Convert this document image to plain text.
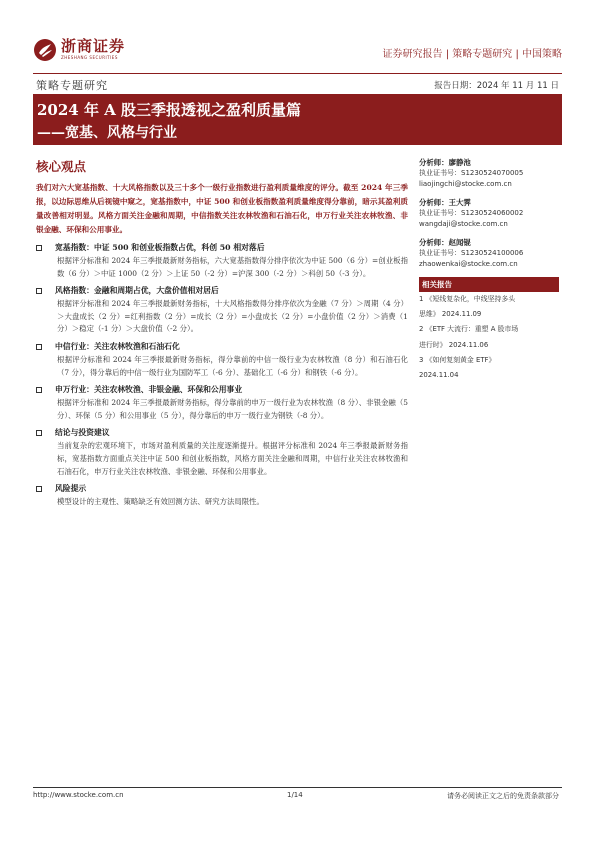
浙商证券
ZHESHANG SECURITIES	证券研究报告 | 策略专题研究 | 中国策略
策略专题研究	报告日期：2024 年 11 月 11 日
2024 年 A 股三季报透视之盈利质量篇
——宽基、风格与行业
核心观点

我们对六大宽基指数、十大风格指数以及三十多个一级行业指数进行盈利质量维度的评分。截至 2024 年三季报，以边际思维从后视镜中窥之，宽基指数中，中证 500 和创业板指数盈利质量维度得分靠前，暗示其盈利质量改善相对明显。风格方面关注金融和周期，中信指数关注农林牧渔和石油石化，申万行业关注农林牧渔、非银金融、环保和公用事业。

宽基指数：中证 500 和创业板指数占优，科创 50 相对落后

根据评分标准和 2024 年三季报最新财务指标，六大宽基指数得分排序依次为中证 500（6 分）=创业板指数（6 分）＞中证 1000（2 分）＞上证 50（-2 分）=沪深 300（-2 分）＞科创 50（-3 分）。

风格指数：金融和周期占优，大盘价值相对居后

根据评分标准和 2024 年三季报最新财务指标，十大风格指数得分排序依次为金融（7 分）＞周期（4 分）＞大盘成长（2 分）=红利指数（2 分）=成长（2 分）=小盘成长（2 分）=小盘价值（2 分）＞消费（1 分）＞稳定（-1 分）＞大盘价值（-2 分）。

中信行业：关注农林牧渔和石油石化

根据评分标准和 2024 年三季报最新财务指标，得分靠前的中信一级行业为农林牧渔（8 分）和石油石化（7 分），得分靠后的中信一级行业为国防军工（-6 分）、基础化工（-6 分）和钢铁（-6 分）。

申万行业：关注农林牧渔、非银金融、环保和公用事业

根据评分标准和 2024 年三季报最新财务指标，得分靠前的申万一级行业为农林牧渔（8 分）、非银金融（5 分）、环保（5 分）和公用事业（5 分），得分靠后的申万一级行业为钢铁（-8 分）。

结论与投资建议

当前复杂的宏观环境下，市场对盈利质量的关注度逐渐提升。根据评分标准和 2024 年三季报最新财务指标，宽基指数方面重点关注中证 500 和创业板指数，风格方面关注金融和周期，中信行业关注农林牧渔和石油石化，申万行业关注农林牧渔、非银金融、环保和公用事业。

风险提示

模型设计的主观性、策略缺乏有效回测方法、研究方法局限性。

分析师：廖静池
执业证书号：S1230524070005
liaojingchi@stocke.com.cn
分析师：王大霁
执业证书号：S1230524060002
wangdaji@stocke.com.cn
分析师：赵闻锟
执业证书号：S1230524100006
zhaowenkai@stocke.com.cn
相关报告
1 《短线复杂化，中线坚持多头
思维》 2024.11.09
2 《ETF 大流行：重塑 A 股市场
进行时》 2024.11.06
3 《如何复刻黄金 ETF》
2024.11.04
http://www.stocke.com.cn	1/14	请务必阅读正文之后的免责条款部分
